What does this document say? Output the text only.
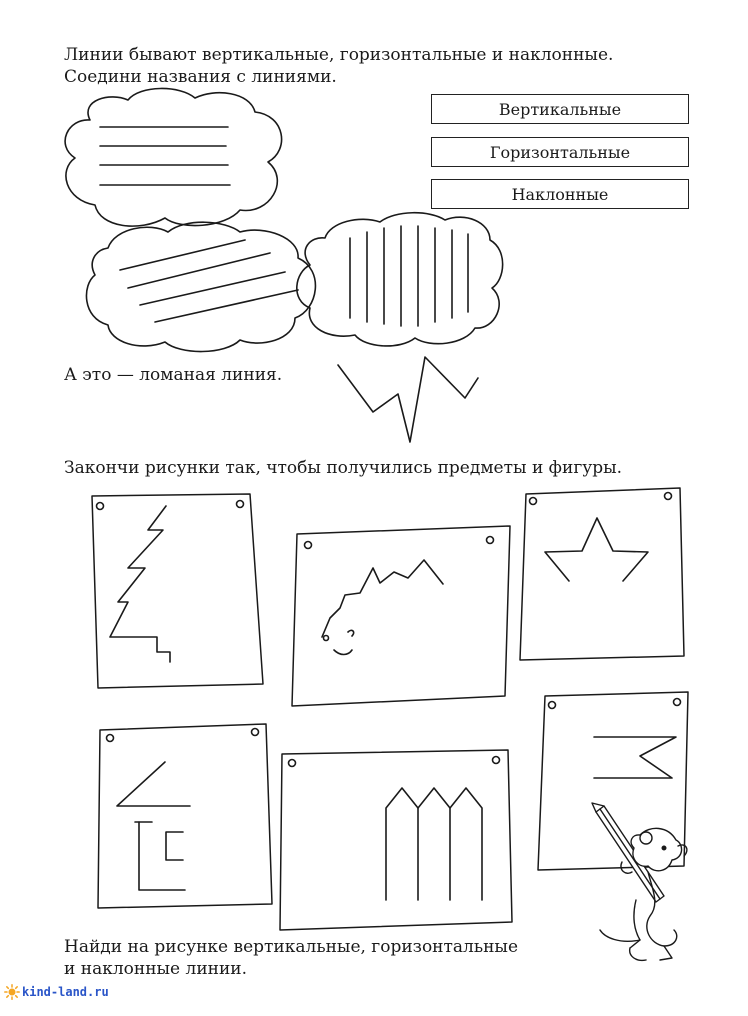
Линии бывают вертикальные, горизонтальные и наклонные.
Соедини названия с линиями.
Вертикальные
Горизонтальные
Наклонные
А это — ломаная линия.
Закончи рисунки так, чтобы получились предметы и фигуры.
Найди на рисунке вертикальные, горизонтальные
и наклонные линии.
kind-land.ru
